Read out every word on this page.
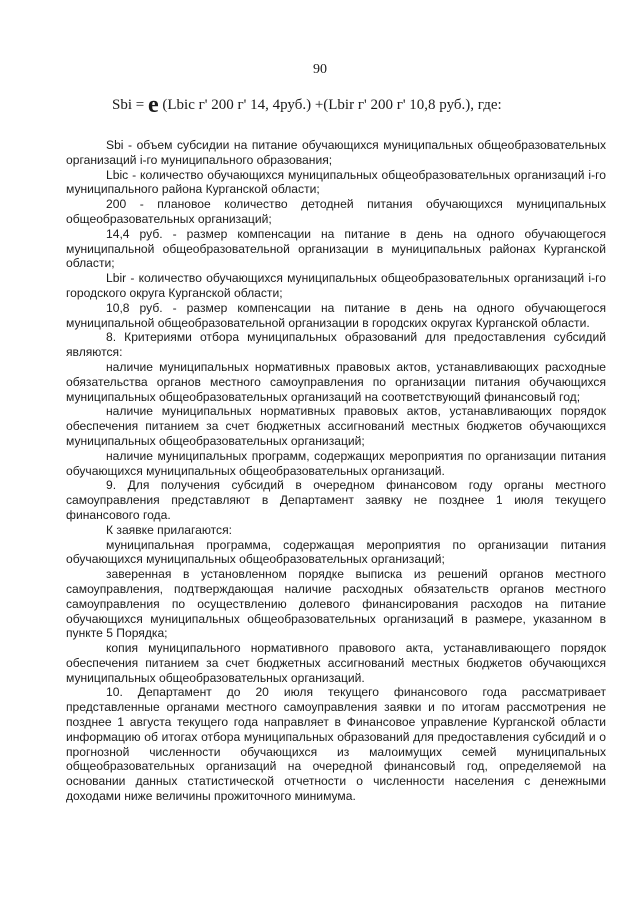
90
Sbi = е (Lbic г' 200 г' 14, 4руб.) +(Lbir г' 200 г' 10,8 руб.), где:

Sbi - объем субсидии на питание обучающихся муниципальных общеобразовательных организаций i-го муниципального образования;

Lbic - количество обучающихся муниципальных общеобразовательных организаций i-го муниципального района Курганской области;

200 - плановое количество детодней питания обучающихся муниципальных общеобразовательных организаций;

14,4 руб. - размер компенсации на питание в день на одного обучающегося муниципальной общеобразовательной организации в муниципальных районах Курганской области;

Lbir - количество обучающихся муниципальных общеобразовательных организаций i-го городского округа Курганской области;

10,8 руб. - размер компенсации на питание в день на одного обучающегося муниципальной общеобразовательной организации в городских округах Курганской области.

8. Критериями отбора муниципальных образований для предоставления субсидий являются:

наличие муниципальных нормативных правовых актов, устанавливающих расходные обязательства органов местного самоуправления по организации питания обучающихся муниципальных общеобразовательных организаций на соответствующий финансовый год;

наличие муниципальных нормативных правовых актов, устанавливающих порядок обеспечения питанием за счет бюджетных ассигнований местных бюджетов обучающихся муниципальных общеобразовательных организаций;

наличие муниципальных программ, содержащих мероприятия по организации питания обучающихся муниципальных общеобразовательных организаций.

9. Для получения субсидий в очередном финансовом году органы местного самоуправления представляют в Департамент заявку не позднее 1 июля текущего финансового года.

К заявке прилагаются:

муниципальная программа, содержащая мероприятия по организации питания обучающихся муниципальных общеобразовательных организаций;

заверенная в установленном порядке выписка из решений органов местного самоуправления, подтверждающая наличие расходных обязательств органов местного самоуправления по осуществлению долевого финансирования расходов на питание обучающихся муниципальных общеобразовательных организаций в размере, указанном в пункте 5 Порядка;

копия муниципального нормативного правового акта, устанавливающего порядок обеспечения питанием за счет бюджетных ассигнований местных бюджетов обучающихся муниципальных общеобразовательных организаций.

10. Департамент до 20 июля текущего финансового года рассматривает представленные органами местного самоуправления заявки и по итогам рассмотрения не позднее 1 августа текущего года направляет в Финансовое управление Курганской области информацию об итогах отбора муниципальных образований для предоставления субсидий и о прогнозной численности обучающихся из малоимущих семей муниципальных общеобразовательных организаций на очередной финансовый год, определяемой на основании данных статистической отчетности о численности населения с денежными доходами ниже величины прожиточного минимума.
